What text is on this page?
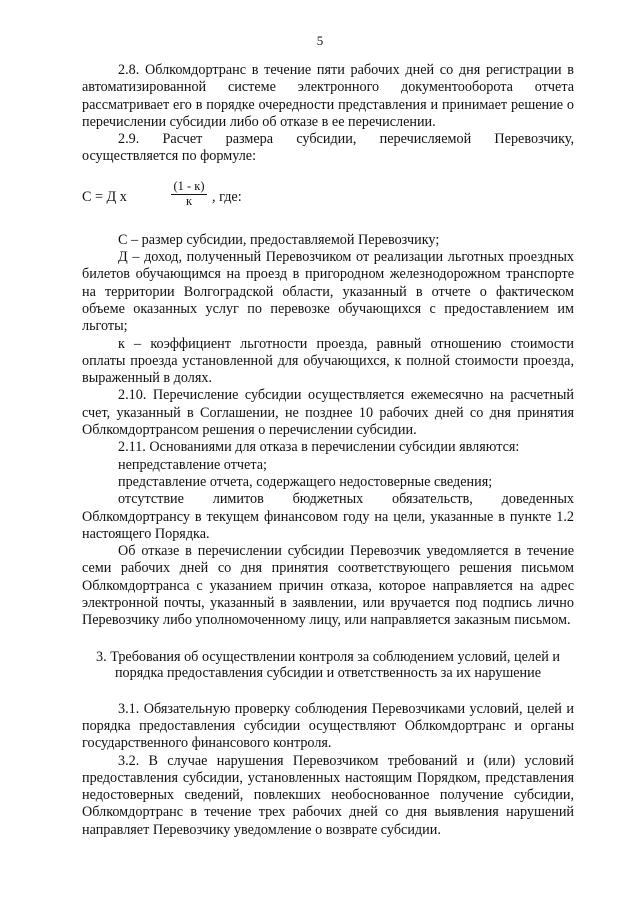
5

2.8. Облкомдортранс в течение пяти рабочих дней со дня регистрации в автоматизированной системе электронного документооборота отчета рассматривает его в порядке очередности представления и принимает решение о перечислении субсидии либо об отказе в ее перечислении.

2.9. Расчет размера субсидии, перечисляемой Перевозчику, осуществляется по формуле:

С = Д х
(1 - к)
к	, где:

С – размер субсидии, предоставляемой Перевозчику;

Д – доход, полученный Перевозчиком от реализации льготных проездных билетов обучающимся на проезд в пригородном железнодорожном транспорте на территории Волгоградской области, указанный в отчете о фактическом объеме оказанных услуг по перевозке обучающихся с предоставлением им льготы;

к – коэффициент льготности проезда, равный отношению стоимости оплаты проезда установленной для обучающихся, к полной стоимости проезда, выраженный в долях.

2.10. Перечисление субсидии осуществляется ежемесячно на расчетный счет, указанный в Соглашении, не позднее 10 рабочих дней со дня принятия Облкомдортрансом решения о перечислении субсидии.

2.11. Основаниями для отказа в перечислении субсидии являются:

непредставление отчета;

представление отчета, содержащего недостоверные сведения;

отсутствие лимитов бюджетных обязательств, доведенных Облкомдортрансу в текущем финансовом году на цели, указанные в пункте 1.2 настоящего Порядка.

Об отказе в перечислении субсидии Перевозчик уведомляется в течение семи рабочих дней со дня принятия соответствующего решения письмом Облкомдортранса с указанием причин отказа, которое направляется на адрес электронной почты, указанный в заявлении, или вручается под подпись лично Перевозчику либо уполномоченному лицу, или направляется заказным письмом.

3. Требования об осуществлении контроля за соблюдением условий, целей и порядка предоставления субсидии и ответственность за их нарушение

3.1. Обязательную проверку соблюдения Перевозчиками условий, целей и порядка предоставления субсидии осуществляют Облкомдортранс и органы государственного финансового контроля.

3.2. В случае нарушения Перевозчиком требований и (или) условий предоставления субсидии, установленных настоящим Порядком, представления недостоверных сведений, повлекших необоснованное получение субсидии, Облкомдортранс в течение трех рабочих дней со дня выявления нарушений направляет Перевозчику уведомление о возврате субсидии.
